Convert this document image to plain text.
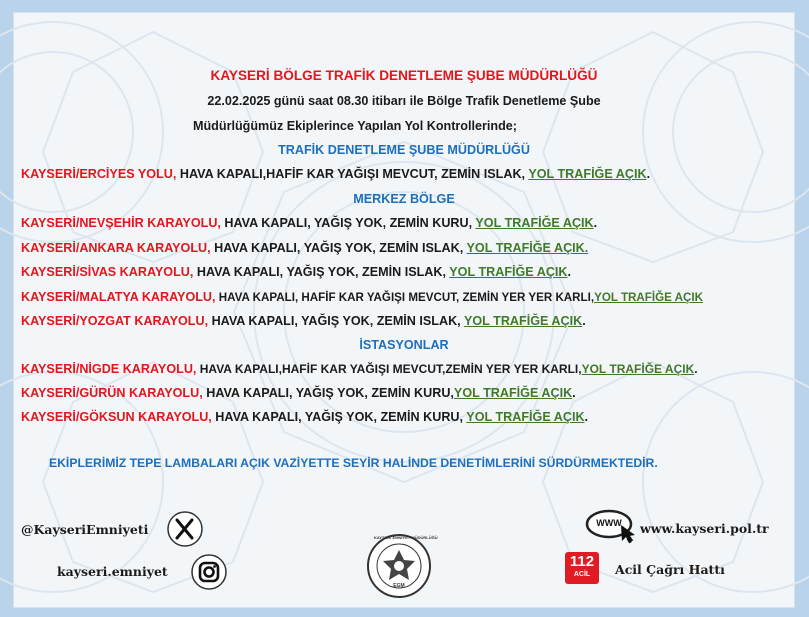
KAYSERİ BÖLGE TRAFİK DENETLEME ŞUBE MÜDÜRLÜĞÜ
22.02.2025 günü saat 08.30 itibarı ile Bölge Trafik Denetleme Şube
Müdürlüğümüz Ekiplerince Yapılan Yol Kontrollerinde;
TRAFİK DENETLEME ŞUBE MÜDÜRLÜĞÜ
KAYSERİ/ERCİYES YOLU, HAVA KAPALI,HAFİF KAR YAĞIŞI MEVCUT, ZEMİN ISLAK, YOL TRAFİĞE AÇIK.
MERKEZ BÖLGE
KAYSERİ/NEVŞEHİR KARAYOLU, HAVA KAPALI, YAĞIŞ YOK, ZEMİN KURU, YOL TRAFİĞE AÇIK.
KAYSERİ/ANKARA KARAYOLU, HAVA KAPALI, YAĞIŞ YOK, ZEMİN ISLAK, YOL TRAFİĞE AÇIK.
KAYSERİ/SİVAS KARAYOLU, HAVA KAPALI, YAĞIŞ YOK, ZEMİN ISLAK, YOL TRAFİĞE AÇIK.
KAYSERİ/MALATYA KARAYOLU, HAVA KAPALI, HAFİF KAR YAĞIŞI MEVCUT, ZEMİN YER YER KARLI,YOL TRAFİĞE AÇIK
KAYSERİ/YOZGAT KARAYOLU, HAVA KAPALI, YAĞIŞ YOK, ZEMİN ISLAK, YOL TRAFİĞE AÇIK.
İSTASYONLAR
KAYSERİ/NİGDE KARAYOLU, HAVA KAPALI,HAFİF KAR YAĞIŞI MEVCUT,ZEMİN YER YER KARLI,YOL TRAFİĞE AÇIK.
KAYSERİ/GÜRÜN KARAYOLU, HAVA KAPALI, YAĞIŞ YOK, ZEMİN KURU,YOL TRAFİĞE AÇIK.
KAYSERİ/GÖKSUN KARAYOLU, HAVA KAPALI, YAĞIŞ YOK, ZEMİN KURU, YOL TRAFİĞE AÇIK.
EKİPLERİMİZ TEPE LAMBALARI AÇIK VAZİYETTE SEYİR HALİNDE DENETİMLERİNİ SÜRDÜRMEKTEDİR.
@KayseriEmniyeti
kayseri.emniyet
KAYSERİ EMNİYET MÜDÜRLÜĞÜ
EGM
WWW www.kayseri.pol.tr
112
ACİL	Acil Çağrı Hattı
